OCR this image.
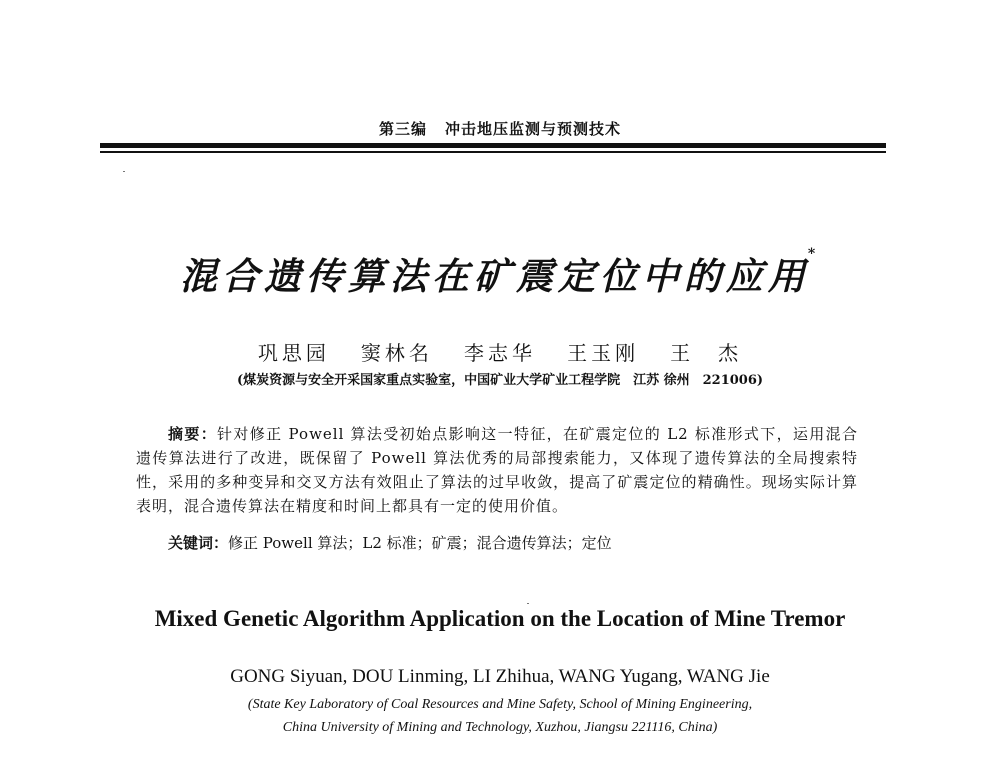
第三编 冲击地压监测与预测技术
混合遗传算法在矿震定位中的应用*
巩思园 窦林名 李志华 王玉刚 王　杰
(煤炭资源与安全开采国家重点实验室，中国矿业大学矿业工程学院　江苏 徐州　221006)
摘要：针对修正 Powell 算法受初始点影响这一特征，在矿震定位的 L2 标准形式下，运用混合遗传算法进行了改进，既保留了 Powell 算法优秀的局部搜索能力，又体现了遗传算法的全局搜索特性，采用的多种变异和交叉方法有效阻止了算法的过早收敛，提高了矿震定位的精确性。现场实际计算表明，混合遗传算法在精度和时间上都具有一定的使用价值。
关键词：修正 Powell 算法；L2 标准；矿震；混合遗传算法；定位
Mixed Genetic Algorithm Application on the Location of Mine Tremor
GONG Siyuan, DOU Linming, LI Zhihua, WANG Yugang, WANG Jie
(State Key Laboratory of Coal Resources and Mine Safety, School of Mining Engineering,
China University of Mining and Technology, Xuzhou, Jiangsu 221116, China)
